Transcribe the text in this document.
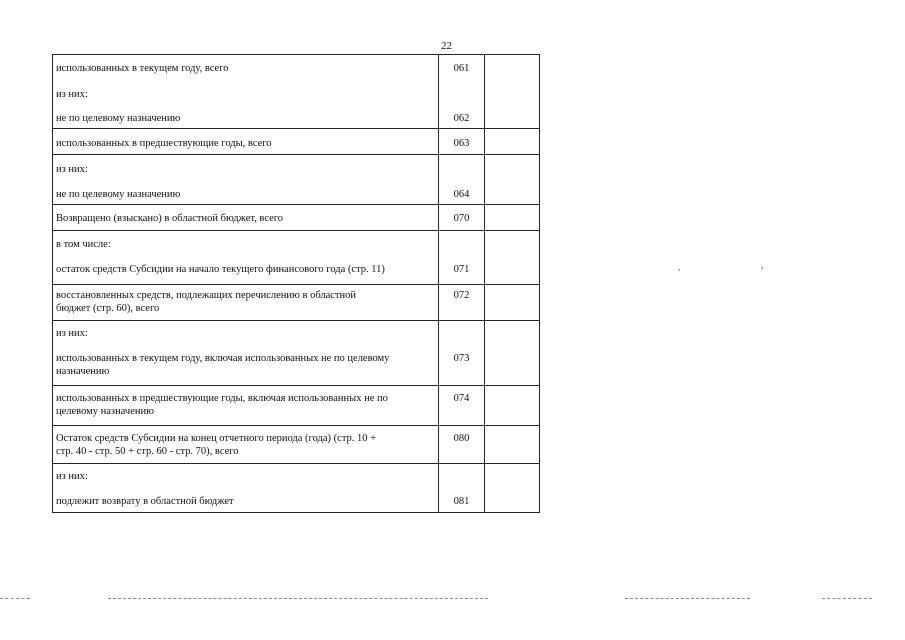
22
использованных в текущем году, всего	061
из них:
не по целевому назначению	062
использованных в предшествующие годы, всего	063
из них:
не по целевому назначению	064
Возвращено (взыскано) в областной бюджет, всего	070
в том числе:
остаток средств Субсидии на начало текущего финансового года (стр. 11)	071
восстановленных средств, подлежащих перечислению в областной
бюджет (стр. 60), всего
072
из них:
использованных в текущем году, включая использованных не по целевому
назначению
073
использованных в предшествующие годы, включая использованных не по
целевому назначению
074
Остаток средств Субсидии на конец отчетного периода (года) (стр. 10 +
стр. 40 - стр. 50 + стр. 60 - стр. 70), всего
080
из них:
подлежит возврату в областной бюджет	081
,	,
